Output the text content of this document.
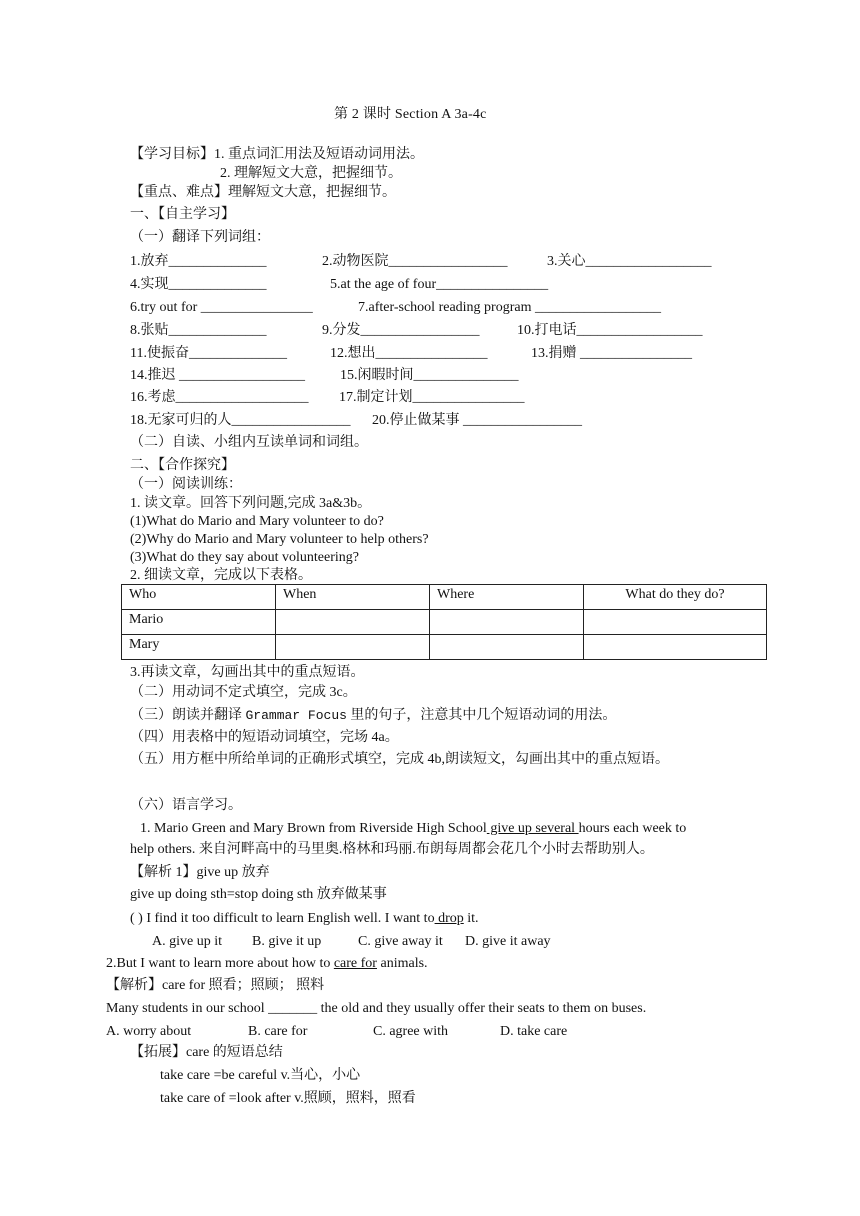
第 2 课时 Section A 3a-4c
【学习目标】1. 重点词汇用法及短语动词用法。
2. 理解短文大意，把握细节。
【重点、难点】理解短文大意，把握细节。
一、【自主学习】
（一）翻译下列词组：
1.放弃______________	2.动物医院_________________	3.关心__________________
4.实现______________	5.at the age of four________________
6.try out for ________________	7.after-school reading program __________________
8.张贴______________	9.分发_________________	10.打电话__________________
11.使振奋______________	12.想出________________	13.捐赠 ________________
14.推迟 __________________	15.闲暇时间_______________
16.考虑___________________ 17.制定计划________________
18.无家可归的人_________________ 20.停止做某事 _________________
（二）自读、小组内互读单词和词组。
二、【合作探究】
（一）阅读训练：
1. 读文章。回答下列问题,完成 3a&3b。
(1)What do Mario and Mary volunteer to do?
(2)Why do Mario and Mary volunteer to help others?
(3)What do they say about volunteering?
2. 细读文章，完成以下表格。
Who	When	Where	What do they do?
Mario			
Mary			
3.再读文章，勾画出其中的重点短语。
（二）用动词不定式填空，完成 3c。
（三）朗读并翻译 Grammar Focus 里的句子，注意其中几个短语动词的用法。
（四）用表格中的短语动词填空，完场 4a。
（五）用方框中所给单词的正确形式填空，完成 4b,朗读短文，勾画出其中的重点短语。
（六）语言学习。
1. Mario Green and Mary Brown from Riverside High School give up several hours each week to
help others. 来自河畔高中的马里奥.格林和玛丽.布朗每周都会花几个小时去帮助别人。
【解析 1】give up 放弃
give up doing sth=stop doing sth 放弃做某事
( ) I find it too difficult to learn English well. I want to drop it.
A. give up it B. give it up	C. give away it D. give it away
2.But I want to learn more about how to care for animals.
【解析】care for 照看；照顾； 照料
Many students in our school _______ the old and they usually offer their seats to them on buses.
A. worry about	B. care for	C. agree with	D. take care
【拓展】care 的短语总结
take care =be careful v.当心，小心
take care of =look after v.照顾，照料，照看
